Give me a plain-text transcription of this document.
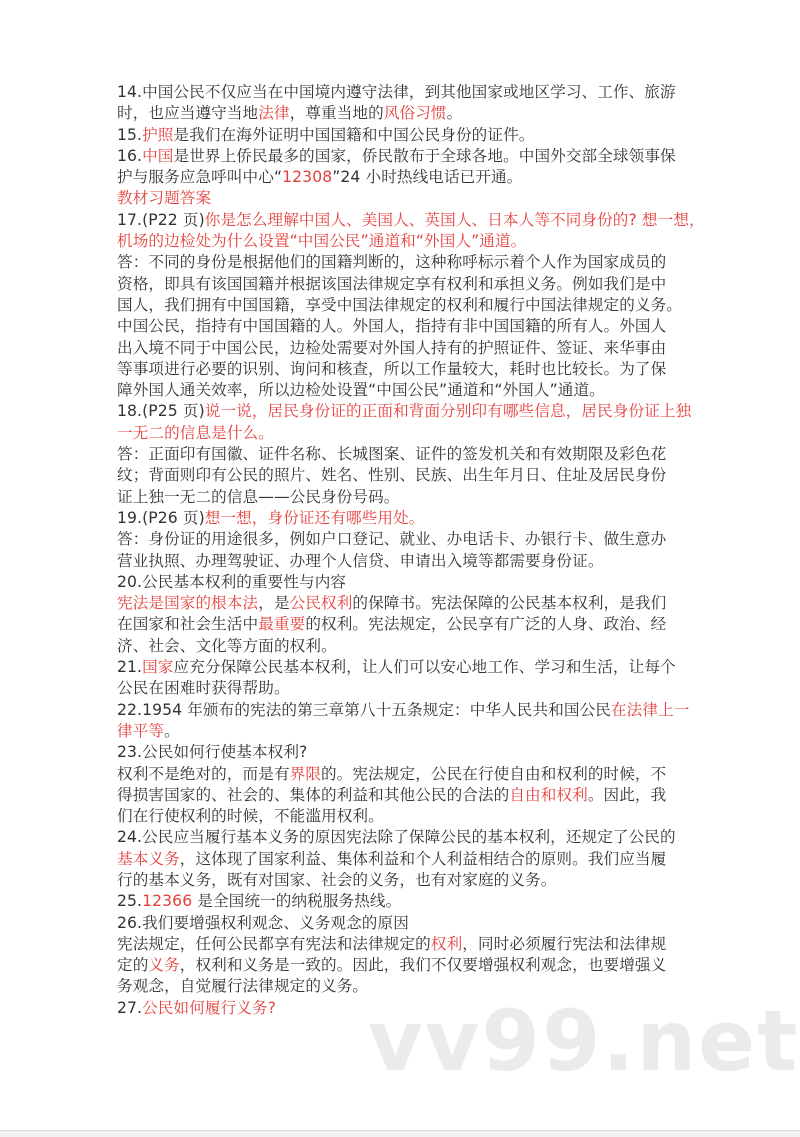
14.中国公民不仅应当在中国境内遵守法律，到其他国家或地区学习、工作、旅游
时，也应当遵守当地法律，尊重当地的风俗习惯。
15.护照是我们在海外证明中国国籍和中国公民身份的证件。
16.中国是世界上侨民最多的国家，侨民散布于全球各地。中国外交部全球领事保
护与服务应急呼叫中心“12308”24 小时热线电话已开通。
教材习题答案
17.(P22 页)你是怎么理解中国人、美国人、英国人、日本人等不同身份的? 想一想，
机场的边检处为什么设置“中国公民”通道和“外国人”通道。
答：不同的身份是根据他们的国籍判断的，这种称呼标示着个人作为国家成员的
资格，即具有该国国籍并根据该国法律规定享有权利和承担义务。例如我们是中
国人，我们拥有中国国籍，享受中国法律规定的权利和履行中国法律规定的义务。
中国公民，指持有中国国籍的人。外国人，指持有非中国国籍的所有人。外国人
出入境不同于中国公民，边检处需要对外国人持有的护照证件、签证、来华事由
等事项进行必要的识别、询问和核查，所以工作量较大，耗时也比较长。为了保
障外国人通关效率，所以边检处设置“中国公民”通道和“外国人”通道。
18.(P25 页)说一说，居民身份证的正面和背面分别印有哪些信息，居民身份证上独
一无二的信息是什么。
答：正面印有国徽、证件名称、长城图案、证件的签发机关和有效期限及彩色花
纹；背面则印有公民的照片、姓名、性别、民族、出生年月日、住址及居民身份
证上独一无二的信息——公民身份号码。
19.(P26 页)想一想，身份证还有哪些用处。
答：身份证的用途很多，例如户口登记、就业、办电话卡、办银行卡、做生意办
营业执照、办理驾驶证、办理个人信贷、申请出入境等都需要身份证。
20.公民基本权利的重要性与内容
宪法是国家的根本法，是公民权利的保障书。宪法保障的公民基本权利，是我们
在国家和社会生活中最重要的权利。宪法规定，公民享有广泛的人身、政治、经
济、社会、文化等方面的权利。
21.国家应充分保障公民基本权利，让人们可以安心地工作、学习和生活，让每个
公民在困难时获得帮助。
22.1954 年颁布的宪法的第三章第八十五条规定：中华人民共和国公民在法律上一
律平等。
23.公民如何行使基本权利?
权利不是绝对的，而是有界限的。宪法规定，公民在行使自由和权利的时候，不
得损害国家的、社会的、集体的利益和其他公民的合法的自由和权利。因此，我
们在行使权利的时候，不能滥用权利。
24.公民应当履行基本义务的原因宪法除了保障公民的基本权利，还规定了公民的
基本义务，这体现了国家利益、集体利益和个人利益相结合的原则。我们应当履
行的基本义务，既有对国家、社会的义务，也有对家庭的义务。
25.12366 是全国统一的纳税服务热线。
26.我们要增强权利观念、义务观念的原因
宪法规定，任何公民都享有宪法和法律规定的权利，同时必须履行宪法和法律规
定的义务，权利和义务是一致的。因此，我们不仅要增强权利观念，也要增强义
务观念，自觉履行法律规定的义务。
27.公民如何履行义务?	vv99.net
